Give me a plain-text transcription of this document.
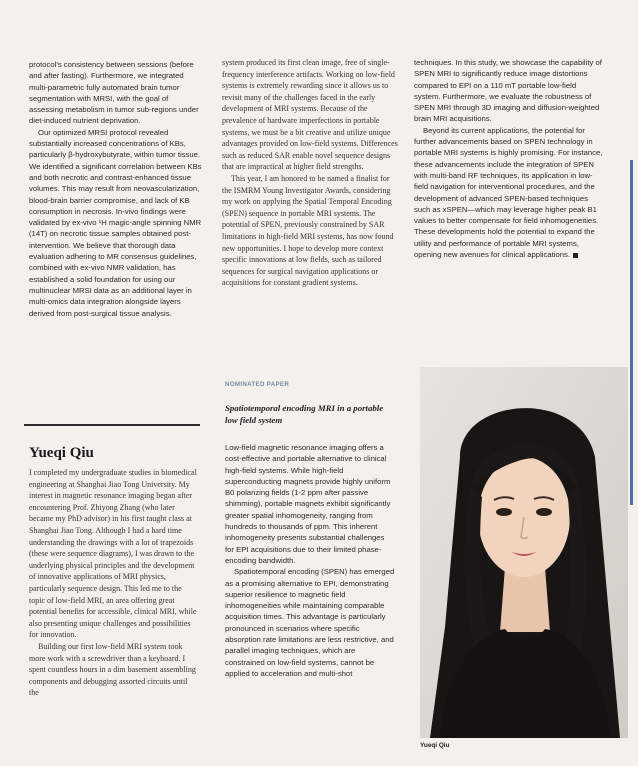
protocol's consistency between sessions (before and after fasting). Furthermore, we integrated multi-parametric fully automated brain tumor segmentation with MRSI, with the goal of assessing metabolism in tumor sub-regions under diet-induced nutrient deprivation.

Our optimized MRSI protocol revealed substantially increased concentrations of KBs, particularly β-hydroxybutyrate, within tumor tissue. We identified a significant correlation between KBs and both necrotic and contrast-enhanced tissue volumes. This may result from neovascularization, blood-brain barrier compromise, and lack of KB consumption in necrosis. In-vivo findings were validated by ex-vivo ¹H magic-angle spinning NMR (14T) on necrotic tissue samples obtained post-intervention. We believe that thorough data evaluation adhering to MR consensus guidelines, combined with ex-vivo NMR validation, has established a solid foundation for using our multinuclear MRSI data as an additional layer in multi-omics data integration alongside layers derived from post-surgical tissue analysis.

Yueqi Qiu

I completed my undergraduate studies in biomedical engineering at Shanghai Jiao Tong University. My interest in magnetic resonance imaging began after encountering Prof. Zhiyong Zhang (who later became my PhD advisor) in his first taught class at Shanghai Jiao Tong. Although I had a hard time understanding the drawings with a lot of trapezoids (these were sequence diagrams), I was drawn to the underlying physical principles and the development of innovative applications of MRI physics, particularly sequence design. This led me to the topic of low-field MRI, an area offering great potential benefits for accessible, clinical MRI, while also presenting unique challenges and possibilities for innovation.

Building our first low-field MRI system took more work with a screwdriver than a keyboard. I spent countless hours in a dim basement assembling components and debugging assorted circuits until the

system produced its first clean image, free of single-frequency interference artifacts. Working on low-field systems is extremely rewarding since it allows us to revisit many of the challenges faced in the early development of MRI systems. Because of the prevalence of hardware imperfections in portable systems, we must be a bit creative and utilize unique advantages provided on low-field systems. Differences such as reduced SAR enable novel sequence designs that are impractical at higher field strengths.

This year, I am honored to be named a finalist for the ISMRM Young Investigator Awards, considering my work on applying the Spatial Temporal Encoding (SPEN) sequence in portable MRI systems. The potential of SPEN, previously constrained by SAR limitations in high-field MRI systems, has now found new opportunities. I hope to develop more context specific innovations at low fields, such as tailored sequences for surgical navigation applications or acquisitions for constant gradient systems.

NOMINATED PAPER
Spatiotemporal encoding MRI in a portable low field system

Low-field magnetic resonance imaging offers a cost-effective and portable alternative to clinical high-field systems. While high-field superconducting magnets provide highly uniform B0 polarizing fields (1-2 ppm after passive shimming), portable magnets exhibit significantly greater spatial inhomogeneity, ranging from hundreds to thousands of ppm. This inherent inhomogeneity presents substantial challenges for EPI acquisitions due to their limited phase-encoding bandwidth.

Spatiotemporal encoding (SPEN) has emerged as a promising alternative to EPI, demonstrating superior resilience to magnetic field inhomogeneities while maintaining comparable acquisition times. This advantage is particularly pronounced in scenarios where specific absorption rate limitations are less restrictive, and parallel imaging techniques, which are constrained on low-field systems, cannot be applied to acceleration and multi-shot

techniques. In this study, we showcase the capability of SPEN MRI to significantly reduce image distortions compared to EPI on a 110 mT portable low-field system. Furthermore, we evaluate the robustness of SPEN MRI through 3D imaging and diffusion-weighted brain MRI acquisitions.

Beyond its current applications, the potential for further advancements based on SPEN technology in portable MRI systems is highly promising. For instance, these advancements include the integration of SPEN with multi-band RF techniques, its application in low-field navigation for interventional procedures, and the development of advanced SPEN-based techniques such as xSPEN—which may leverage higher peak B1 values to better compensate for field inhomogeneities. These developments hold the potential to expand the utility and performance of portable MRI systems, opening new avenues for clinical applications.

Yueqi Qiu
